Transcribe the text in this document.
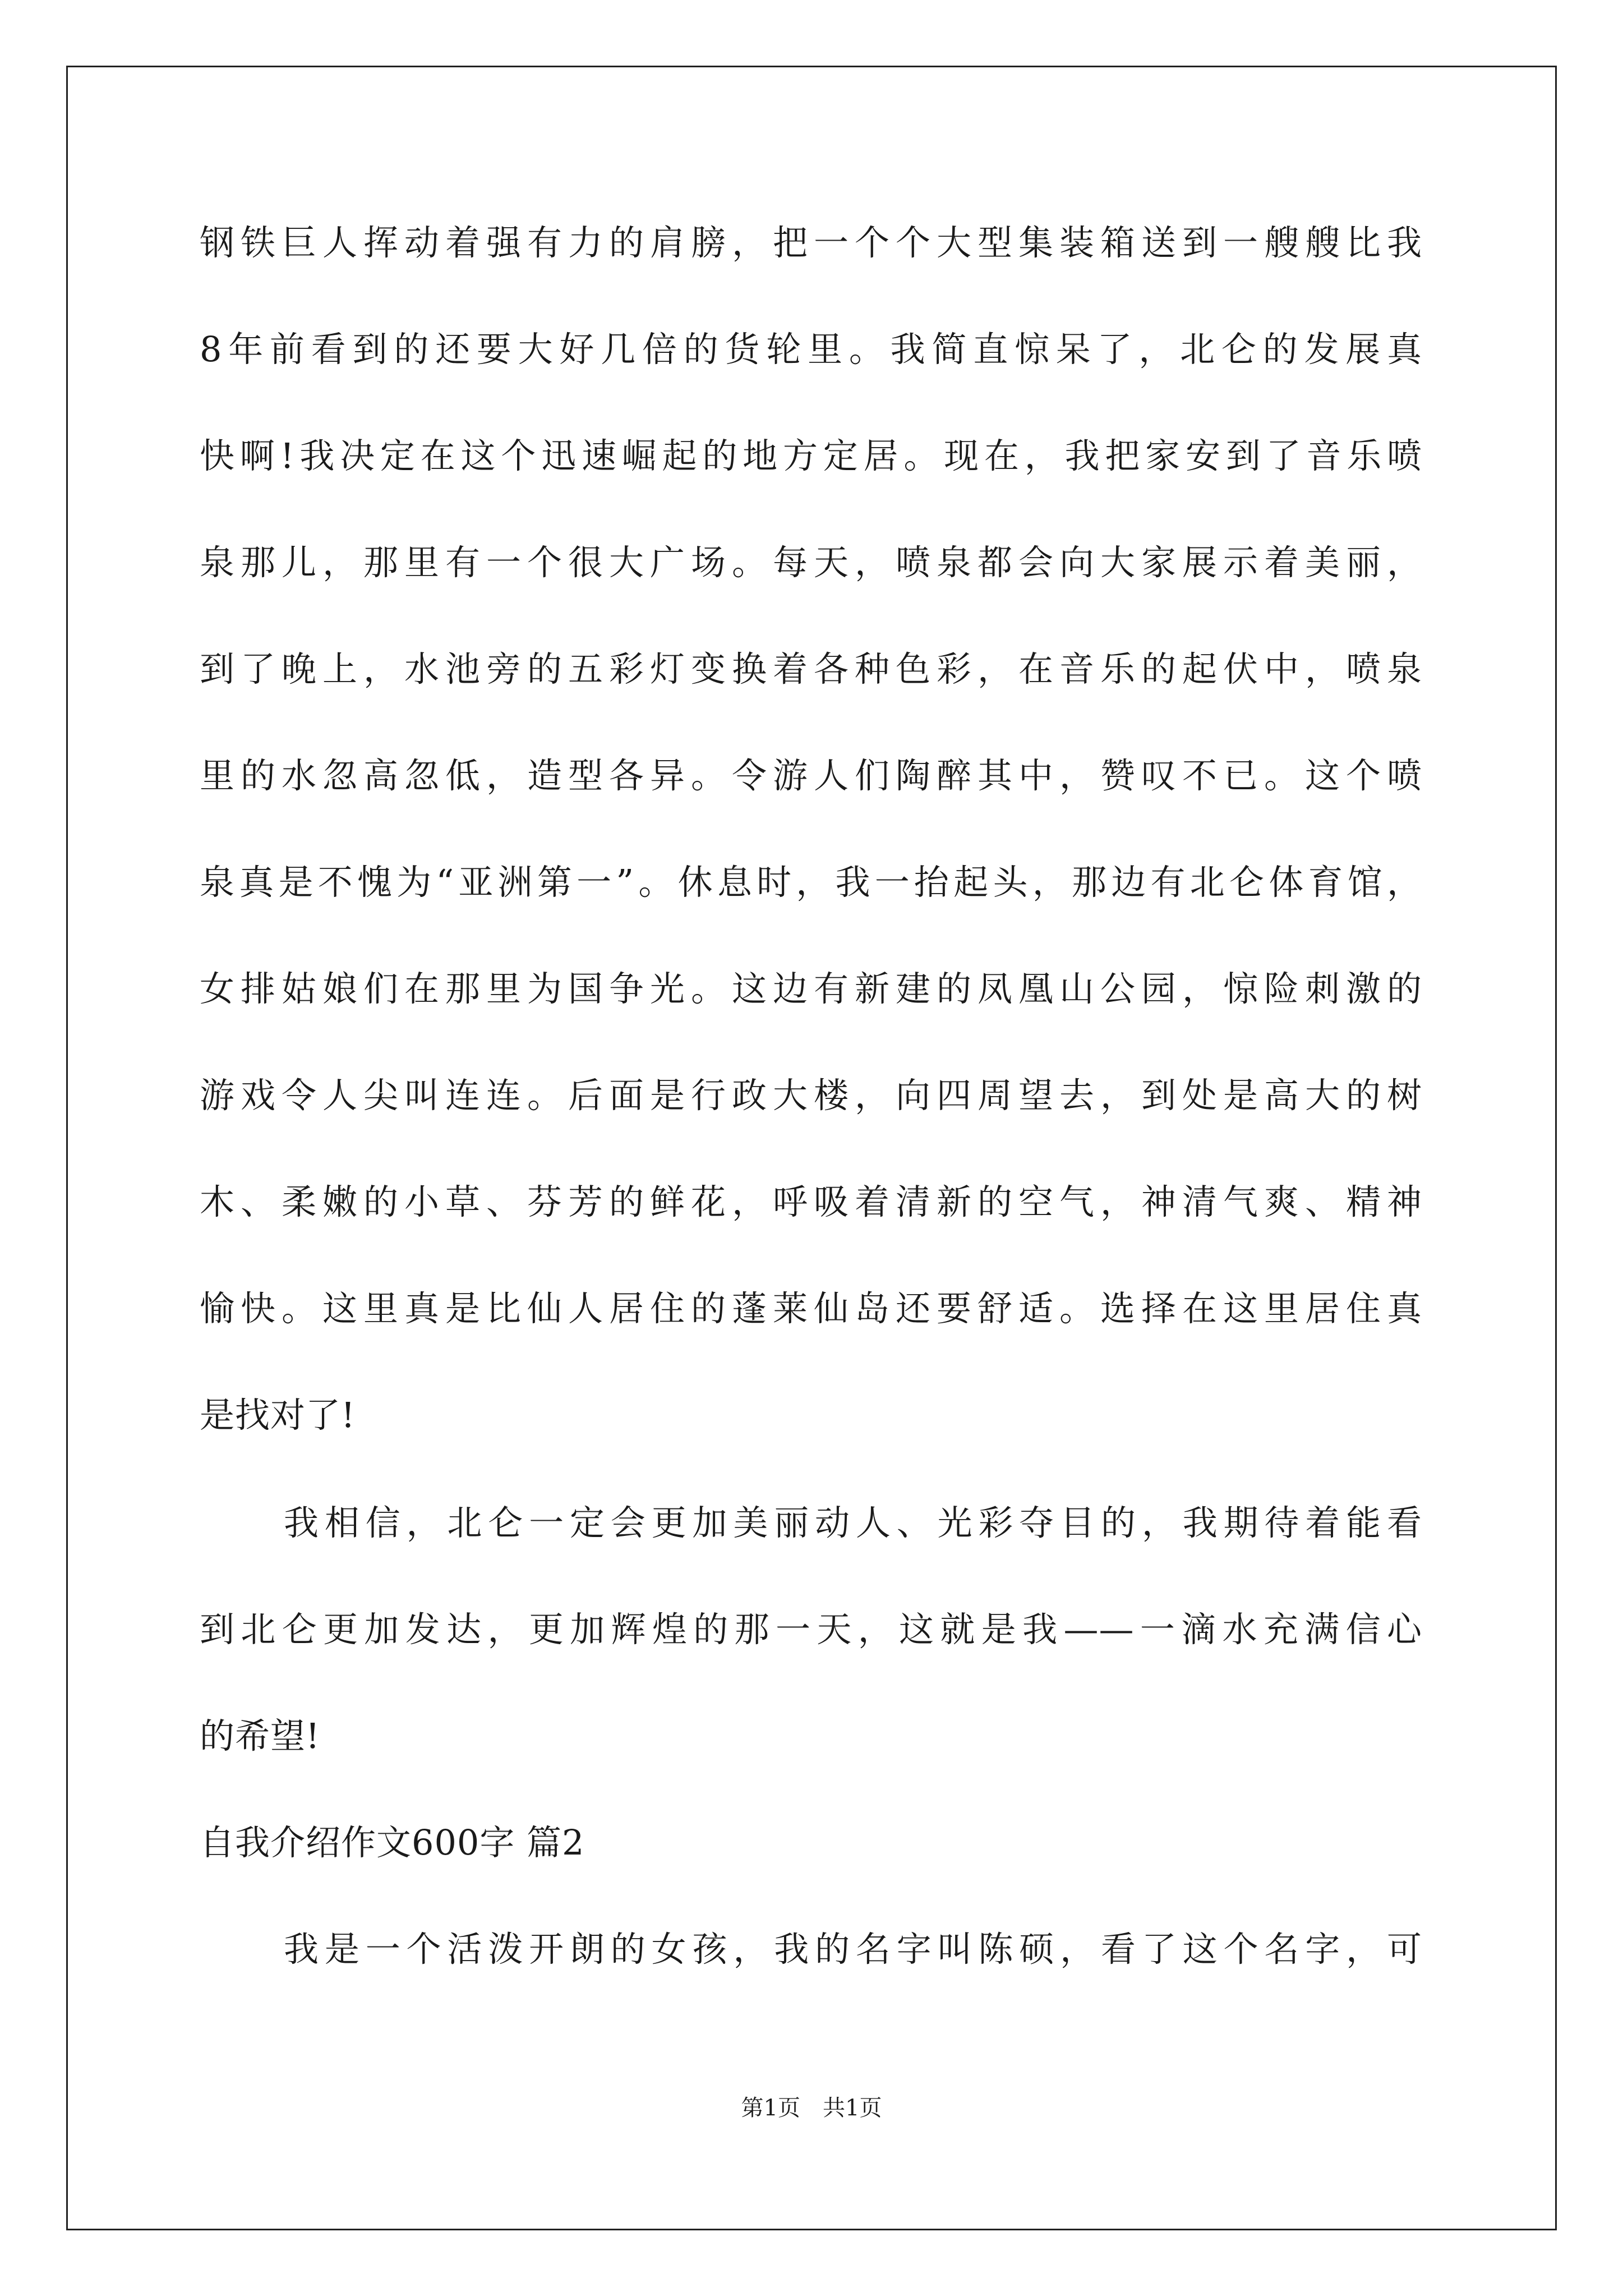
钢铁巨人挥动着强有力的肩膀，把一个个大型集装箱送到一艘艘比我
8年前看到的还要大好几倍的货轮里。我简直惊呆了，北仑的发展真
快啊!我决定在这个迅速崛起的地方定居。现在，我把家安到了音乐喷
泉那儿，那里有一个很大广场。每天，喷泉都会向大家展示着美丽，
到了晚上，水池旁的五彩灯变换着各种色彩，在音乐的起伏中，喷泉
里的水忽高忽低，造型各异。令游人们陶醉其中，赞叹不已。这个喷
泉真是不愧为“亚洲第一”。休息时，我一抬起头，那边有北仑体育馆，
女排姑娘们在那里为国争光。这边有新建的凤凰山公园，惊险刺激的
游戏令人尖叫连连。后面是行政大楼，向四周望去，到处是高大的树
木、柔嫩的小草、芬芳的鲜花，呼吸着清新的空气，神清气爽、精神
愉快。这里真是比仙人居住的蓬莱仙岛还要舒适。选择在这里居住真
是找对了!
我相信，北仑一定会更加美丽动人、光彩夺目的，我期待着能看
到北仑更加发达，更加辉煌的那一天，这就是我——一滴水充满信心
的希望!
自我介绍作文600字 篇2
我是一个活泼开朗的女孩，我的名字叫陈硕，看了这个名字，可
第1页　共1页
